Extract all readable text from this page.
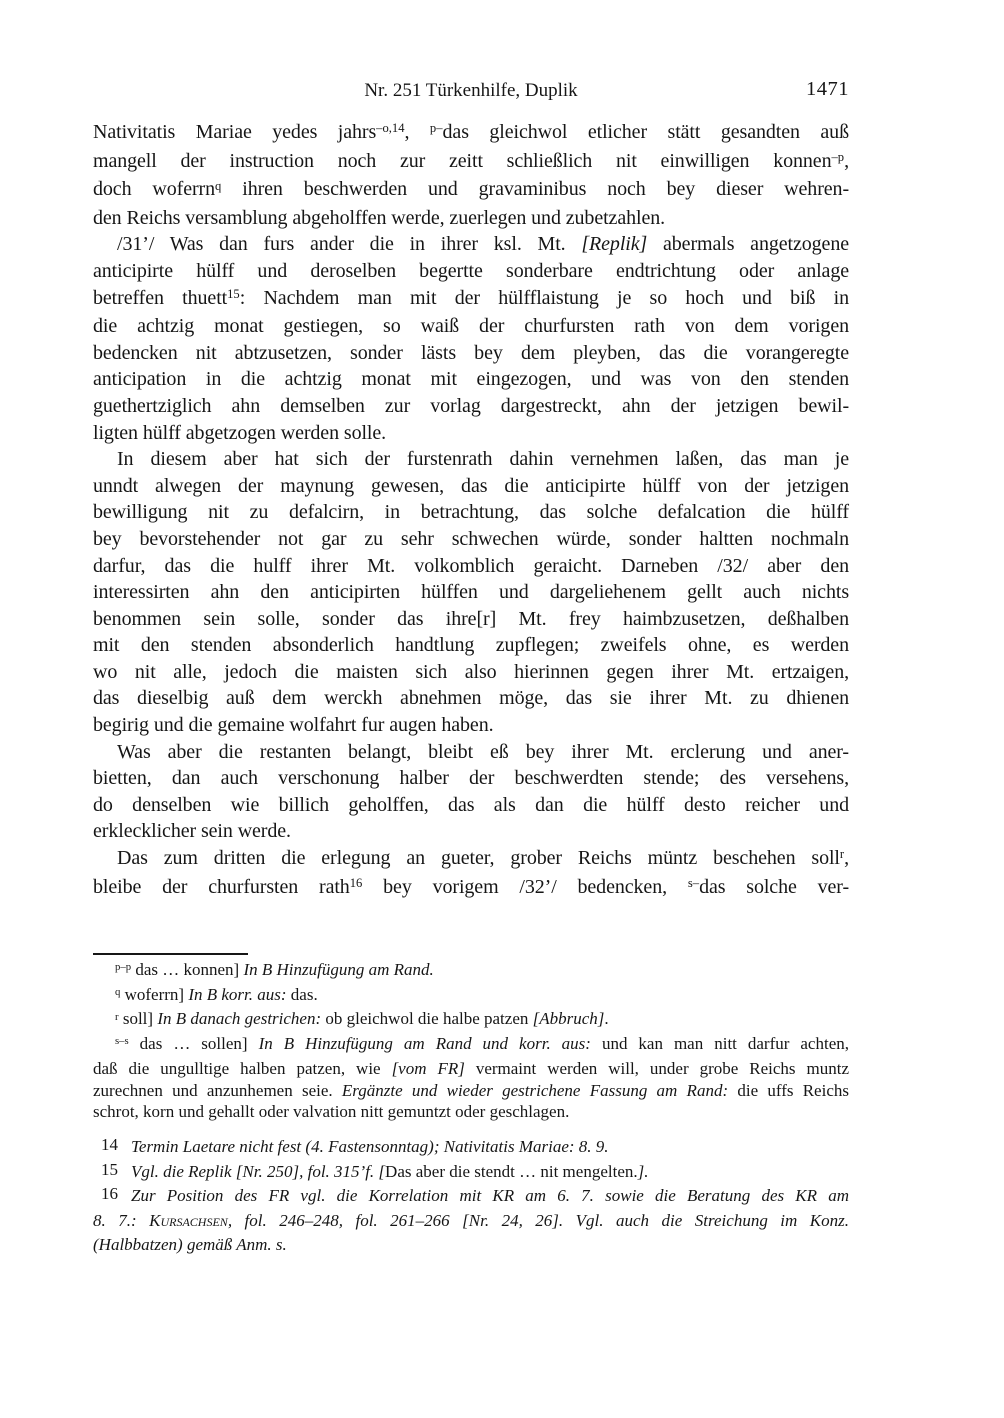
Nr. 251 Türkenhilfe, Duplik	1471
Nativitatis Mariae yedes jahrs$^{-o,14}$, $^{p-}$das gleichwol etlicher stätt gesandten auß
mangell der instruction noch zur zeitt schließlich nit einwilligen konnen$^{-p}$,
doch woferrn$^q$ ihren beschwerden und gravaminibus noch bey dieser wehren-
den Reichs versamblung abgeholffen werde, zuerlegen und zubetzahlen.
/31’/ Was dan furs ander die in ihrer ksl. Mt. [Replik] abermals angetzogene
anticipirte hülff und deroselben begertte sonderbare endtrichtung oder anlage
betreffen thuett$^{15}$: Nachdem man mit der hülfflaistung je so hoch und biß in
die achtzig monat gestiegen, so waiß der churfursten rath von dem vorigen
bedencken nit abtzusetzen, sonder lästs bey dem pleyben, das die vorangeregte
anticipation in die achtzig monat mit eingezogen, und was von den stenden
guethertziglich ahn demselben zur vorlag dargestreckt, ahn der jetzigen bewil-
ligten hülff abgetzogen werden solle.
In diesem aber hat sich der furstenrath dahin vernehmen laßen, das man je
unndt alwegen der maynung gewesen, das die anticipirte hülff von der jetzigen
bewilligung nit zu defalcirn, in betrachtung, das solche defalcation die hülff
bey bevorstehender not gar zu sehr schwechen würde, sonder haltten nochmaln
darfur, das die hulff ihrer Mt. volkomblich geraicht. Darneben /32/ aber den
interessirten ahn den anticipirten hülffen und dargeliehenem gellt auch nichts
benommen sein solle, sonder das ihre[r] Mt. frey haimbzusetzen, deßhalben
mit den stenden absonderlich handtlung zupflegen; zweifels ohne, es werden
wo nit alle, jedoch die maisten sich also hierinnen gegen ihrer Mt. ertzaigen,
das dieselbig auß dem werckh abnehmen möge, das sie ihrer Mt. zu dhienen
begirig und die gemaine wolfahrt fur augen haben.
Was aber die restanten belangt, bleibt eß bey ihrer Mt. erclerung und aner-
bietten, dan auch verschonung halber der beschwerdten stende; des versehens,
do denselben wie billich geholffen, das als dan die hülff desto reicher und
erklecklicher sein werde.
Das zum dritten die erlegung an gueter, grober Reichs müntz beschehen soll$^r$,
bleibe der churfursten rath$^{16}$ bey vorigem /32’/ bedencken, $^{s-}$das solche ver-
$^{p-p}$ das … konnen] In B Hinzufügung am Rand.
$^q$ woferrn] In B korr. aus: das.
$^r$ soll] In B danach gestrichen: ob gleichwol die halbe patzen [Abbruch].
$^{s-s}$ das … sollen] In B Hinzufügung am Rand und korr. aus: und kan man nitt darfur achten,
daß die ungulltige halben patzen, wie [vom FR] vermaint werden will, under grobe Reichs muntz
zurechnen und anzunhemen seie. Ergänzte und wieder gestrichene Fassung am Rand: die uffs Reichs
schrot, korn und gehallt oder valvation nitt gemuntzt oder geschlagen.
14 Termin Laetare nicht fest (4. Fastensonntag); Nativitatis Mariae: 8. 9.
15 Vgl. die Replik [Nr. 250], fol. 315’f. [Das aber die stendt … nit mengelten.].
16 Zur Position des FR vgl. die Korrelation mit KR am 6. 7. sowie die Beratung des KR am
8. 7.: Kursachsen, fol. 246–248, fol. 261–266 [Nr. 24, 26]. Vgl. auch die Streichung im Konz.
(Halbbatzen) gemäß Anm. s.
